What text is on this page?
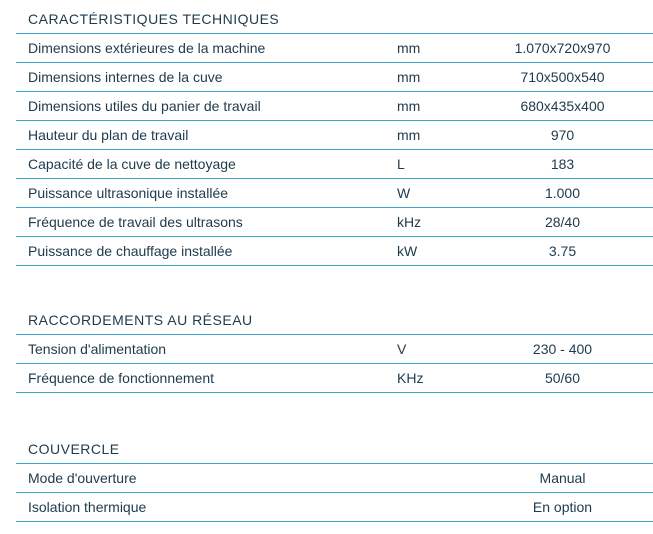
CARACTÉRISTIQUES TECHNIQUES
Dimensions extérieures de la machine	mm	1.070x720x970
Dimensions internes de la cuve	mm	710x500x540
Dimensions utiles du panier de travail	mm	680x435x400
Hauteur du plan de travail	mm	970
Capacité de la cuve de nettoyage	L	183
Puissance ultrasonique installée	W	1.000
Fréquence de travail des ultrasons	kHz	28/40
Puissance de chauffage installée	kW	3.75
RACCORDEMENTS AU RÉSEAU
Tension d'alimentation	V	230 - 400
Fréquence de fonctionnement	KHz	50/60
COUVERCLE
Mode d'ouverture	Manual
Isolation thermique	En option
